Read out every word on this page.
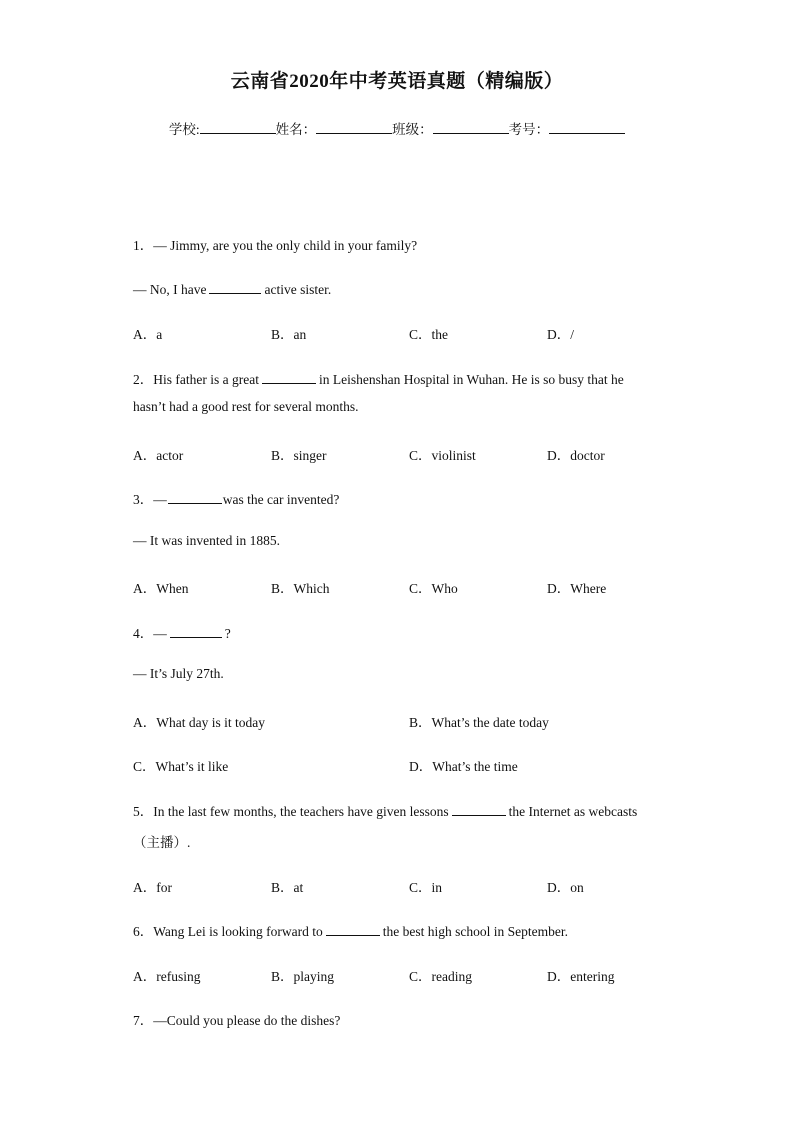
云南省2020年中考英语真题（精编版）
学校:	姓名：	班级：	考号：
1．— Jimmy, are you the only child in your family?
— No, I have	active sister.
A．a	B．an	C．the	D．/
2．His father is a great	in Leishenshan Hospital in Wuhan. He is so busy that he
hasn’t had a good rest for several months.
A．actor	B．singer	C．violinist	D．doctor
3．—	was the car invented?
— It was invented in 1885.
A．When	B．Which	C．Who	D．Where
4．—	?
— It’s July 27th.
A．What day is it today	B．What’s the date today
C．What’s it like	D．What’s the time
5．In the last few months, the teachers have given lessons	the Internet as webcasts
（主播）.
A．for	B．at	C．in	D．on
6．Wang Lei is looking forward to	the best high school in September.
A．refusing	B．playing	C．reading	D．entering
7．—Could you please do the dishes?
